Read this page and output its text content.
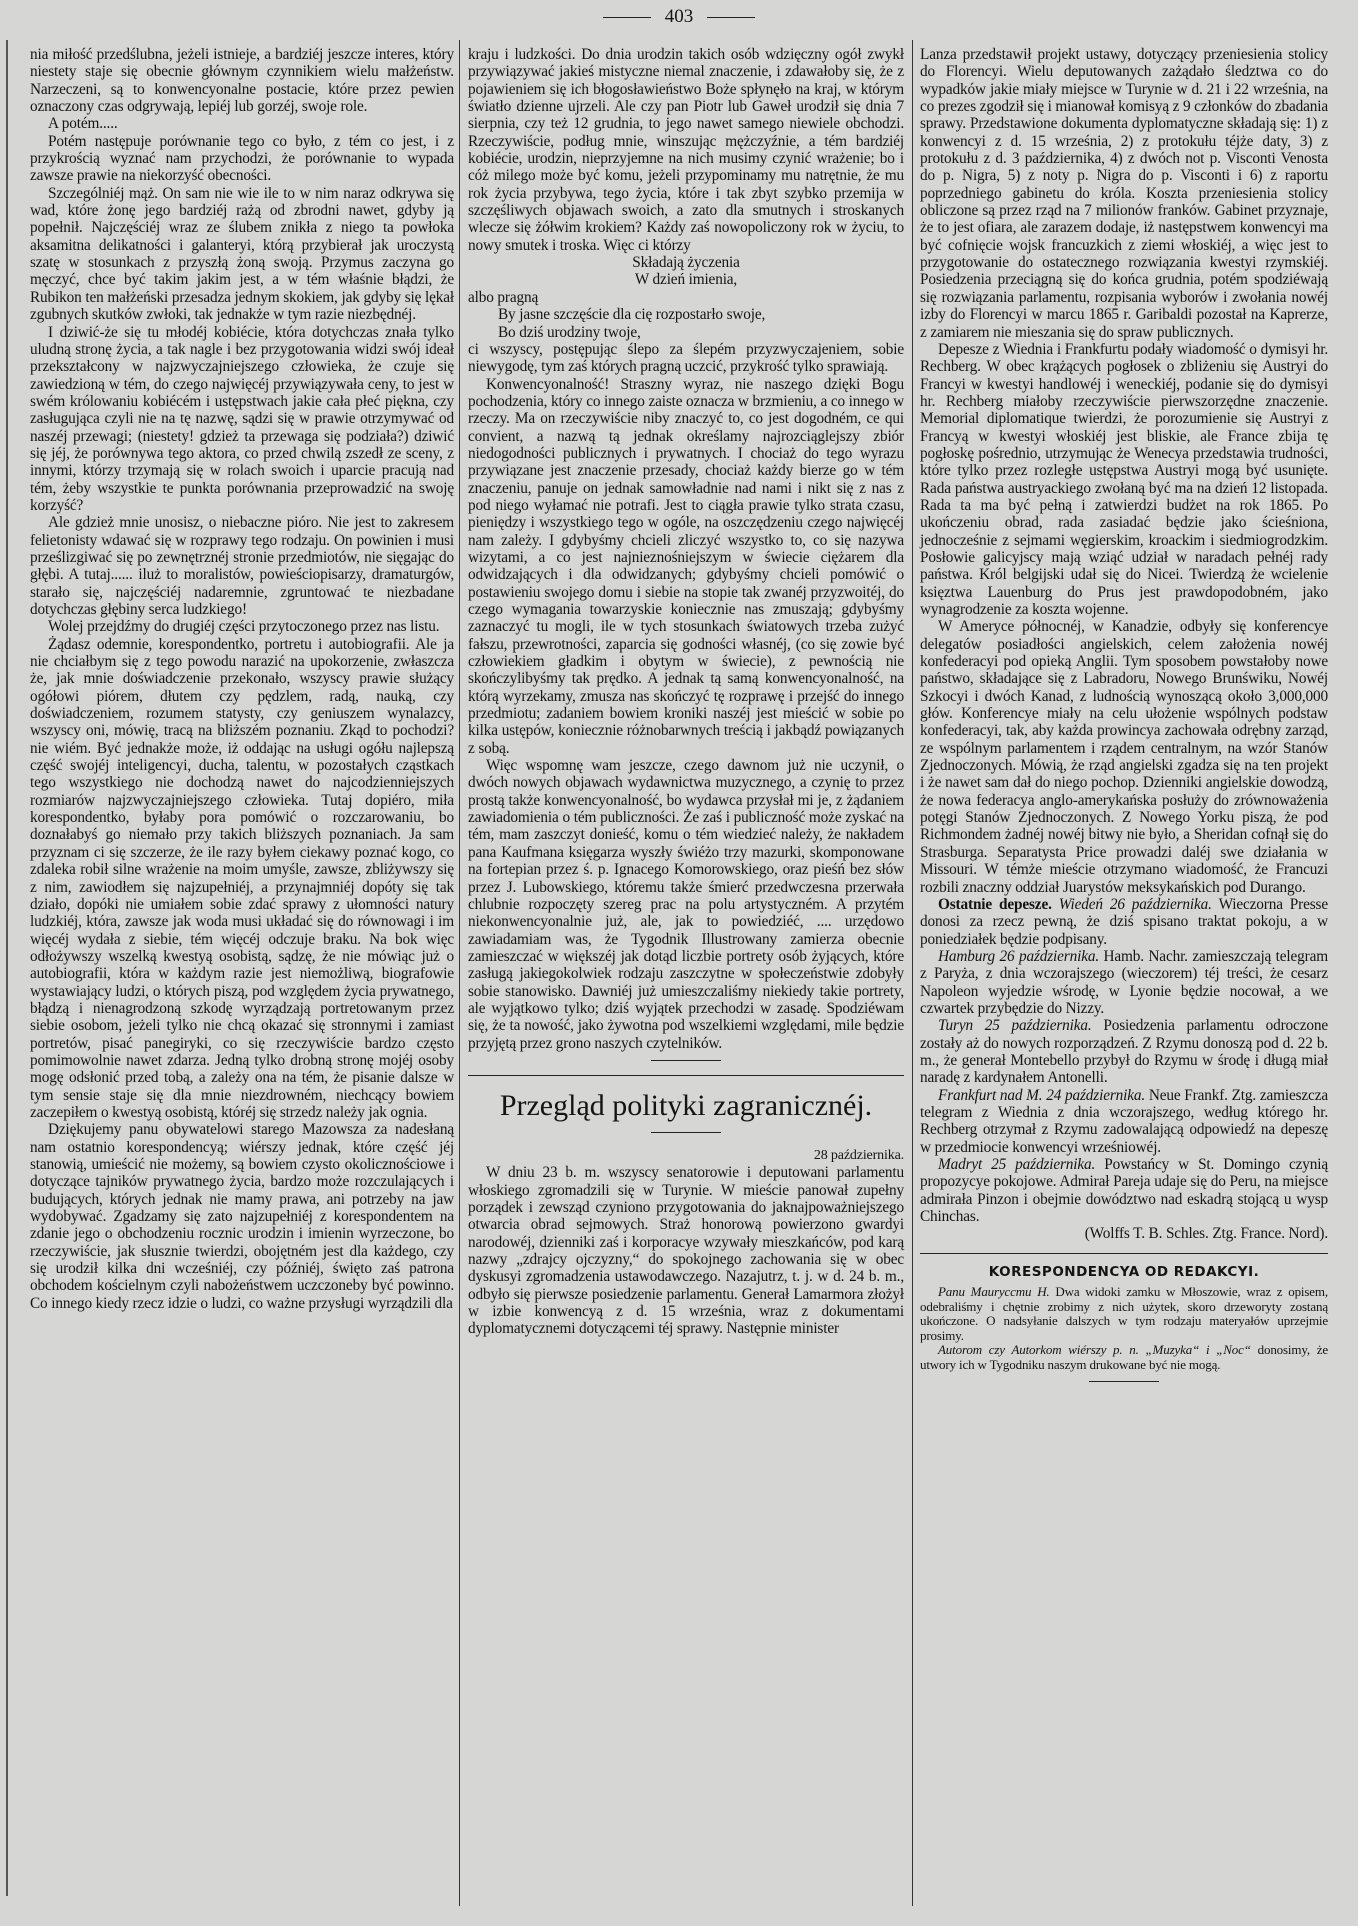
403

nia miłość przedślubna, jeżeli istnieje, a bardziéj jeszcze interes, który niestety staje się obecnie głównym czynnikiem wielu małżeństw. Narzeczeni, są to konwencyonalne postacie, które przez pewien oznaczony czas odgrywają, lepiéj lub gorzéj, swoje role.

A potém.....

Potém następuje porównanie tego co było, z tém co jest, i z przykrością wyznać nam przychodzi, że porównanie to wypada zawsze prawie na niekorzyść obecności.

Szczególniéj mąż. On sam nie wie ile to w nim naraz odkrywa się wad, które żonę jego bardziéj rażą od zbrodni nawet, gdyby ją popełnił. Najczęściéj wraz ze ślubem znikła z niego ta powłoka aksamitna delikatności i galanteryi, którą przybierał jak uroczystą szatę w stosunkach z przyszłą żoną swoją. Przymus zaczyna go męczyć, chce być takim jakim jest, a w tém właśnie błądzi, że Rubikon ten małżeński przesadza jednym skokiem, jak gdyby się lękał zgubnych skutków zwłoki, tak jednakże w tym razie niezbędnéj.

I dziwić-że się tu młodéj kobiécie, która dotychczas znała tylko uludną stronę życia, a tak nagle i bez przygotowania widzi swój ideał przekształcony w najzwyczajniejszego człowieka, że czuje się zawiedzioną w tém, do czego najwięcéj przywiązywała ceny, to jest w swém królowaniu kobiécém i ustępstwach jakie cała płeć piękna, czy zasługująca czyli nie na tę nazwę, sądzi się w prawie otrzymywać od naszéj przewagi; (niestety! gdzież ta przewaga się podziała?) dziwić się jéj, że porównywa tego aktora, co przed chwilą zszedł ze sceny, z innymi, którzy trzymają się w rolach swoich i uparcie pracują nad tém, żeby wszystkie te punkta porównania przeprowadzić na swoję korzyść?

Ale gdzież mnie unosisz, o niebaczne pióro. Nie jest to zakresem felietonisty wdawać się w rozprawy tego rodzaju. On powinien i musi prześlizgiwać się po zewnętrznéj stronie przedmiotów, nie sięgając do głębi. A tutaj...... iluż to moralistów, powieściopisarzy, dramaturgów, starało się, najczęściéj nadaremnie, zgruntować te niezbadane dotychczas głębiny serca ludzkiego!

Wolej przejdźmy do drugiéj części przytoczonego przez nas listu.

Żądasz odemnie, korespondentko, portretu i autobiografii. Ale ja nie chciałbym się z tego powodu narazić na upokorzenie, zwłaszcza że, jak mnie doświadczenie przekonało, wszyscy prawie służący ogółowi piórem, dłutem czy pędzlem, radą, nauką, czy doświadczeniem, rozumem statysty, czy geniuszem wynalazcy, wszyscy oni, mówię, tracą na bliższém poznaniu. Zkąd to pochodzi? nie wiém. Być jednakże może, iż oddając na usługi ogółu najlepszą część swojéj inteligencyi, ducha, talentu, w pozostałych cząstkach tego wszystkiego nie dochodzą nawet do najcodzienniejszych rozmiarów najzwyczajniejszego człowieka. Tutaj dopiéro, miła korespondentko, byłaby pora pomówić o rozczarowaniu, bo doznałabyś go niemało przy takich bliższych poznaniach. Ja sam przyznam ci się szczerze, że ile razy byłem ciekawy poznać kogo, co zdaleka robił silne wrażenie na moim umyśle, zawsze, zbliżywszy się z nim, zawiodłem się najzupełniéj, a przynajmniéj dopóty się tak działo, dopóki nie umiałem sobie zdać sprawy z ułomności natury ludzkiéj, która, zawsze jak woda musi układać się do równowagi i im więcéj wydała z siebie, tém więcéj odczuje braku. Na bok więc odłożywszy wszelką kwestyą osobistą, sądzę, że nie mówiąc już o autobiografii, która w każdym razie jest niemożliwą, biografowie wystawiający ludzi, o których piszą, pod względem życia prywatnego, błądzą i nienagrodzoną szkodę wyrządzają portretowanym przez siebie osobom, jeżeli tylko nie chcą okazać się stronnymi i zamiast portretów, pisać panegiryki, co się rzeczywiście bardzo często pomimowolnie nawet zdarza. Jedną tylko drobną stronę mojéj osoby mogę odsłonić przed tobą, a zależy ona na tém, że pisanie dalsze w tym sensie staje się dla mnie niezdrowném, niechcący bowiem zaczepiłem o kwestyą osobistą, któréj się strzedz należy jak ognia.

Dziękujemy panu obywatelowi starego Mazowsza za nadesłaną nam ostatnio korespondencyą; wiérszy jednak, które część jéj stanowią, umieścić nie możemy, są bowiem czysto okolicznościowe i dotyczące tajników prywatnego życia, bardzo może rozczulających i budujących, których jednak nie mamy prawa, ani potrzeby na jaw wydobywać. Zgadzamy się zato najzupełniéj z korespondentem na zdanie jego o obchodzeniu rocznic urodzin i imienin wyrzeczone, bo rzeczywiście, jak słusznie twierdzi, obojętném jest dla każdego, czy się urodził kilka dni wcześniéj, czy późniéj, święto zaś patrona obchodem kościelnym czyli nabożeństwem uczczoneby być powinno. Co innego kiedy rzecz idzie o ludzi, co ważne przysługi wyrządzili dla

kraju i ludzkości. Do dnia urodzin takich osób wdzięczny ogół zwykł przywiązywać jakieś mistyczne niemal znaczenie, i zdawałoby się, że z pojawieniem się ich błogosławieństwo Boże spłynęło na kraj, w którym światło dzienne ujrzeli. Ale czy pan Piotr lub Gaweł urodził się dnia 7 sierpnia, czy też 12 grudnia, to jego nawet samego niewiele obchodzi. Rzeczywiście, podług mnie, winszując mężczyźnie, a tém bardziéj kobiécie, urodzin, nieprzyjemne na nich musimy czynić wrażenie; bo i cóż milego może być komu, jeżeli przypominamy mu natrętnie, że mu rok życia przybywa, tego życia, które i tak zbyt szybko przemija w szczęśliwych objawach swoich, a zato dla smutnych i stroskanych wlecze się żółwim krokiem? Każdy zaś nowopoliczony rok w życiu, to nowy smutek i troska. Więc ci którzy

Składają życzenia

W dzień imienia,

albo pragną

By jasne szczęście dla cię rozpostarło swoje,

Bo dziś urodziny twoje,

ci wszyscy, postępując ślepo za ślepém przyzwyczajeniem, sobie niewygodę, tym zaś których pragną uczcić, przykrość tylko sprawiają.

Konwencyonalność! Straszny wyraz, nie naszego dzięki Bogu pochodzenia, który co innego zaiste oznacza w brzmieniu, a co innego w rzeczy. Ma on rzeczywiście niby znaczyć to, co jest dogodném, ce qui convient, a nazwą tą jednak określamy najrozciąglejszy zbiór niedogodności publicznych i prywatnych. I chociaż do tego wyrazu przywiązane jest znaczenie przesady, chociaż każdy bierze go w tém znaczeniu, panuje on jednak samowładnie nad nami i nikt się z nas z pod niego wyłamać nie potrafi. Jest to ciągła prawie tylko strata czasu, pieniędzy i wszystkiego tego w ogóle, na oszczędzeniu czego najwięcéj nam zależy. I gdybyśmy chcieli zliczyć wszystko to, co się nazywa wizytami, a co jest najnieznośniejszym w świecie ciężarem dla odwidzających i dla odwidzanych; gdybyśmy chcieli pomówić o postawieniu swojego domu i siebie na stopie tak zwanéj przyzwoitéj, do czego wymagania towarzyskie koniecznie nas zmuszają; gdybyśmy zaznaczyć tu mogli, ile w tych stosunkach światowych trzeba zużyć fałszu, przewrotności, zaparcia się godności własnéj, (co się zowie być człowiekiem gładkim i obytym w świecie), z pewnością nie skończylibyśmy tak prędko. A jednak tą samą konwencyonalność, na którą wyrzekamy, zmusza nas skończyć tę rozprawę i przejść do innego przedmiotu; zadaniem bowiem kroniki naszéj jest mieścić w sobie po kilka ustępów, koniecznie różnobarwnych treścią i jakbądź powiązanych z sobą.

Więc wspomnę wam jeszcze, czego dawnom już nie uczynił, o dwóch nowych objawach wydawnictwa muzycznego, a czynię to przez prostą także konwencyonalność, bo wydawca przysłał mi je, z żądaniem zawiadomienia o tém publiczności. Że zaś i publiczność może zyskać na tém, mam zaszczyt donieść, komu o tém wiedzieć należy, że nakładem pana Kaufmana księgarza wyszły świéżo trzy mazurki, skomponowane na fortepian przez ś. p. Ignacego Komorowskiego, oraz pieśń bez słów przez J. Lubowskiego, któremu także śmierć przedwczesna przerwała chlubnie rozpoczęty szereg prac na polu artystyczném. A przytém niekonwencyonalnie już, ale, jak to powiedziéć, .... urzędowo zawiadamiam was, że Tygodnik Illustrowany zamierza obecnie zamieszczać w większéj jak dotąd liczbie portrety osób żyjących, które zasługą jakiegokolwiek rodzaju zaszczytne w społeczeństwie zdobyły sobie stanowisko. Dawniéj już umieszczaliśmy niekiedy takie portrety, ale wyjątkowo tylko; dziś wyjątek przechodzi w zasadę. Spodziéwam się, że ta nowość, jako żywotna pod wszelkiemi względami, mile będzie przyjętą przez grono naszych czytelników.

Przegląd polityki zagranicznéj.

28 października.

W dniu 23 b. m. wszyscy senatorowie i deputowani parlamentu włoskiego zgromadzili się w Turynie. W mieście panował zupełny porządek i zewsząd czyniono przygotowania do jaknajpoważniejszego otwarcia obrad sejmowych. Straż honorową powierzono gwardyi narodowéj, dzienniki zaś i korporacye wzywały mieszkańców, pod karą nazwy „zdrajcy ojczyzny,“ do spokojnego zachowania się w obec dyskusyi zgromadzenia ustawodawczego. Nazajutrz, t. j. w d. 24 b. m., odbyło się pierwsze posiedzenie parlamentu. Generał Lamarmora złożył w izbie konwencyą z d. 15 września, wraz z dokumentami dyplomatycznemi dotyczącemi téj sprawy. Następnie minister

Lanza przedstawił projekt ustawy, dotyczący przeniesienia stolicy do Florencyi. Wielu deputowanych zażądało śledztwa co do wypadków jakie miały miejsce w Turynie w d. 21 i 22 września, na co prezes zgodził się i mianował komisyą z 9 członków do zbadania sprawy. Przedstawione dokumenta dyplomatyczne składają się: 1) z konwencyi z d. 15 września, 2) z protokułu téjże daty, 3) z protokułu z d. 3 października, 4) z dwóch not p. Visconti Venosta do p. Nigra, 5) z noty p. Nigra do p. Visconti i 6) z raportu poprzedniego gabinetu do króla. Koszta przeniesienia stolicy obliczone są przez rząd na 7 milionów franków. Gabinet przyznaje, że to jest ofiara, ale zarazem dodaje, iż następstwem konwencyi ma być cofnięcie wojsk francuzkich z ziemi włoskiéj, a więc jest to przygotowanie do ostatecznego rozwiązania kwestyi rzymskiéj. Posiedzenia przeciągną się do końca grudnia, potém spodziéwają się rozwiązania parlamentu, rozpisania wyborów i zwołania nowéj izby do Florencyi w marcu 1865 r. Garibaldi pozostał na Kaprerze, z zamiarem nie mieszania się do spraw publicznych.

Depesze z Wiednia i Frankfurtu podały wiadomość o dymisyi hr. Rechberg. W obec krążących pogłosek o zbliżeniu się Austryi do Francyi w kwestyi handlowéj i weneckiéj, podanie się do dymisyi hr. Rechberg miałoby rzeczywiście pierwszorzędne znaczenie. Memorial diplomatique twierdzi, że porozumienie się Austryi z Francyą w kwestyi włoskiéj jest bliskie, ale France zbija tę pogłoskę pośrednio, utrzymując że Wenecya przedstawia trudności, które tylko przez rozległe ustępstwa Austryi mogą być usunięte. Rada państwa austryackiego zwołaną być ma na dzień 12 listopada. Rada ta ma być pełną i zatwierdzi budżet na rok 1865. Po ukończeniu obrad, rada zasiadać będzie jako ścieśniona, jednocześnie z sejmami węgierskim, kroackim i siedmiogrodzkim. Posłowie galicyjscy mają wziąć udział w naradach pełnéj rady państwa. Król belgijski udał się do Nicei. Twierdzą że wcielenie księztwa Lauenburg do Prus jest prawdopodobném, jako wynagrodzenie za koszta wojenne.

W Ameryce północnéj, w Kanadzie, odbyły się konferencye delegatów posiadłości angielskich, celem założenia nowéj konfederacyi pod opieką Anglii. Tym sposobem powstałoby nowe państwo, składające się z Labradoru, Nowego Brunświku, Nowéj Szkocyi i dwóch Kanad, z ludnością wynoszącą około 3,000,000 głów. Konferencye miały na celu ułożenie wspólnych podstaw konfederacyi, tak, aby każda prowincya zachowała odrębny zarząd, ze wspólnym parlamentem i rządem centralnym, na wzór Stanów Zjednoczonych. Mówią, że rząd angielski zgadza się na ten projekt i że nawet sam dał do niego pochop. Dzienniki angielskie dowodzą, że nowa federacya anglo-amerykańska posłuży do zrównoważenia potęgi Stanów Zjednoczonych. Z Nowego Yorku piszą, że pod Richmondem żadnéj nowéj bitwy nie było, a Sheridan cofnął się do Strasburga. Separatysta Price prowadzi daléj swe działania w Missouri. W témże mieście otrzymano wiadomość, że Francuzi rozbili znaczny oddział Juarystów meksykańskich pod Durango.

Ostatnie depesze. Wiedeń 26 października. Wieczorna Presse donosi za rzecz pewną, że dziś spisano traktat pokoju, a w poniedziałek będzie podpisany.

Hamburg 26 października. Hamb. Nachr. zamieszczają telegram z Paryża, z dnia wczorajszego (wieczorem) téj treści, że cesarz Napoleon wyjedzie wśrodę, w Lyonie będzie nocował, a we czwartek przybędzie do Nizzy.

Turyn 25 października. Posiedzenia parlamentu odroczone zostały aż do nowych rozporządzeń. Z Rzymu donoszą pod d. 22 b. m., że generał Montebello przybył do Rzymu w środę i długą miał naradę z kardynałem Antonelli.

Frankfurt nad M. 24 października. Neue Frankf. Ztg. zamieszcza telegram z Wiednia z dnia wczorajszego, według którego hr. Rechberg otrzymał z Rzymu zadowalającą odpowiedź na depeszę w przedmiocie konwencyi wrześniowéj.

Madryt 25 października. Powstańcy w St. Domingo czynią propozycye pokojowe. Admirał Pareja udaje się do Peru, na miejsce admirała Pinzon i obejmie dowództwo nad eskadrą stojącą u wysp Chinchas.

(Wolffs T. B. Schles. Ztg. France. Nord).

KORESPONDENCYA OD REDAKCYI.

Panu Mauryccmu H. Dwa widoki zamku w Młoszowie, wraz z opisem, odebraliśmy i chętnie zrobimy z nich użytek, skoro drzeworyty zostaną ukończone. O nadsyłanie dalszych w tym rodzaju materyałów uprzejmie prosimy.

Autorom czy Autorkom wiérszy p. n. „Muzyka“ i „Noc“ donosimy, że utwory ich w Tygodniku naszym drukowane być nie mogą.
